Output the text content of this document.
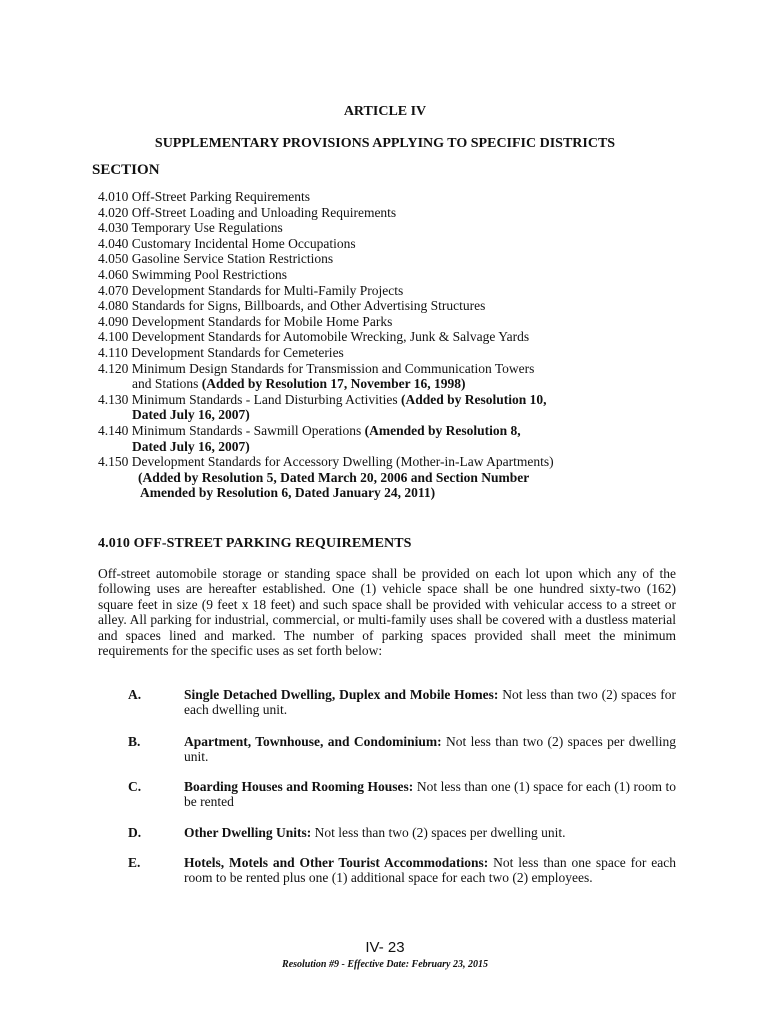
ARTICLE IV
SUPPLEMENTARY PROVISIONS APPLYING TO SPECIFIC DISTRICTS
SECTION
4.010 Off-Street Parking Requirements
4.020 Off-Street Loading and Unloading Requirements
4.030 Temporary Use Regulations
4.040 Customary Incidental Home Occupations
4.050 Gasoline Service Station Restrictions
4.060 Swimming Pool Restrictions
4.070 Development Standards for Multi-Family Projects
4.080 Standards for Signs, Billboards, and Other Advertising Structures
4.090 Development Standards for Mobile Home Parks
4.100 Development Standards for Automobile Wrecking, Junk & Salvage Yards
4.110 Development Standards for Cemeteries
4.120 Minimum Design Standards for Transmission and Communication Towers
and Stations (Added by Resolution 17, November 16, 1998)
4.130 Minimum Standards - Land Disturbing Activities (Added by Resolution 10,
Dated July 16, 2007)
4.140 Minimum Standards - Sawmill Operations (Amended by Resolution 8,
Dated July 16, 2007)
4.150 Development Standards for Accessory Dwelling (Mother-in-Law Apartments)
(Added by Resolution 5, Dated March 20, 2006 and Section Number
Amended by Resolution 6, Dated January 24, 2011)
4.010 OFF-STREET PARKING REQUIREMENTS
Off-street automobile storage or standing space shall be provided on each lot upon which any of the following uses are hereafter established. One (1) vehicle space shall be one hundred sixty-two (162) square feet in size (9 feet x 18 feet) and such space shall be provided with vehicular access to a street or alley. All parking for industrial, commercial, or multi-family uses shall be covered with a dustless material and spaces lined and marked. The number of parking spaces provided shall meet the minimum requirements for the specific uses as set forth below:
A.	Single Detached Dwelling, Duplex and Mobile Homes: Not less than two (2) spaces for each dwelling unit.
B.	Apartment, Townhouse, and Condominium: Not less than two (2) spaces per dwelling unit.
C.	Boarding Houses and Rooming Houses: Not less than one (1) space for each (1) room to be rented
D.	Other Dwelling Units: Not less than two (2) spaces per dwelling unit.
E.	Hotels, Motels and Other Tourist Accommodations: Not less than one space for each room to be rented plus one (1) additional space for each two (2) employees.
IV- 23
Resolution #9 - Effective Date: February 23, 2015
